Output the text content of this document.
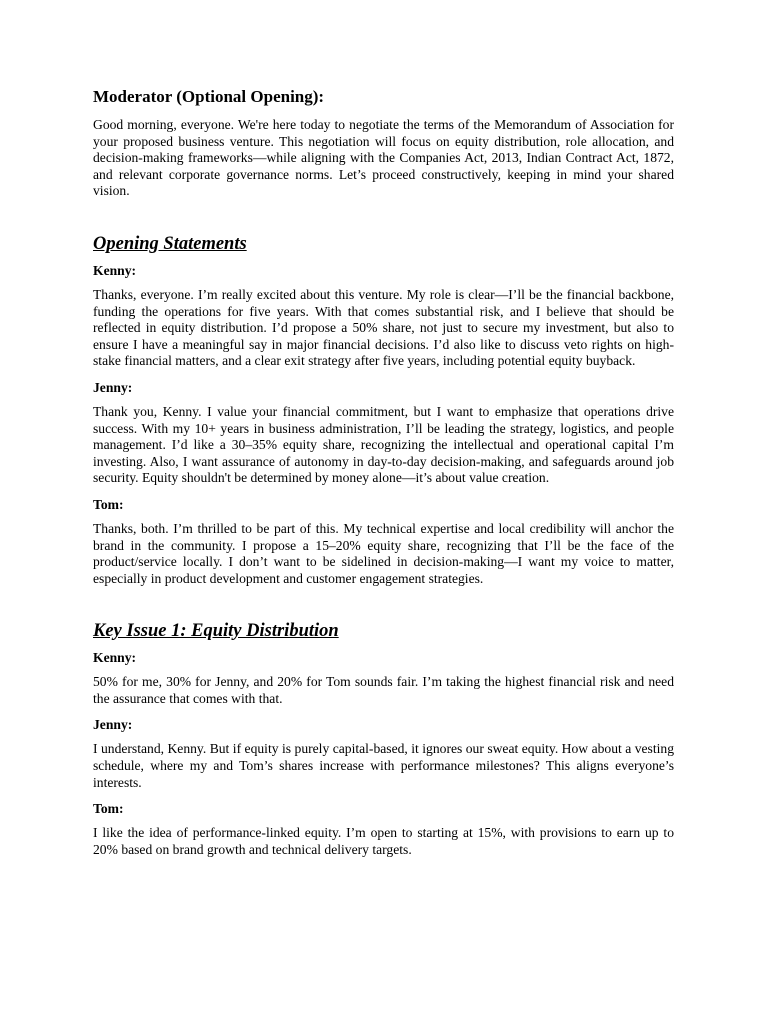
Moderator (Optional Opening):

Good morning, everyone. We're here today to negotiate the terms of the Memorandum of Association for your proposed business venture. This negotiation will focus on equity distribution, role allocation, and decision-making frameworks—while aligning with the Companies Act, 2013, Indian Contract Act, 1872, and relevant corporate governance norms. Let’s proceed constructively, keeping in mind your shared vision.

Opening Statements
Kenny:

Thanks, everyone. I’m really excited about this venture. My role is clear—I’ll be the financial backbone, funding the operations for five years. With that comes substantial risk, and I believe that should be reflected in equity distribution. I’d propose a 50% share, not just to secure my investment, but also to ensure I have a meaningful say in major financial decisions. I’d also like to discuss veto rights on high-stake financial matters, and a clear exit strategy after five years, including potential equity buyback.

Jenny:

Thank you, Kenny. I value your financial commitment, but I want to emphasize that operations drive success. With my 10+ years in business administration, I’ll be leading the strategy, logistics, and people management. I’d like a 30–35% equity share, recognizing the intellectual and operational capital I’m investing. Also, I want assurance of autonomy in day-to-day decision-making, and safeguards around job security. Equity shouldn't be determined by money alone—it’s about value creation.

Tom:

Thanks, both. I’m thrilled to be part of this. My technical expertise and local credibility will anchor the brand in the community. I propose a 15–20% equity share, recognizing that I’ll be the face of the product/service locally. I don’t want to be sidelined in decision-making—I want my voice to matter, especially in product development and customer engagement strategies.

Key Issue 1: Equity Distribution
Kenny:

50% for me, 30% for Jenny, and 20% for Tom sounds fair. I’m taking the highest financial risk and need the assurance that comes with that.

Jenny:

I understand, Kenny. But if equity is purely capital-based, it ignores our sweat equity. How about a vesting schedule, where my and Tom’s shares increase with performance milestones? This aligns everyone’s interests.

Tom:

I like the idea of performance-linked equity. I’m open to starting at 15%, with provisions to earn up to 20% based on brand growth and technical delivery targets.
